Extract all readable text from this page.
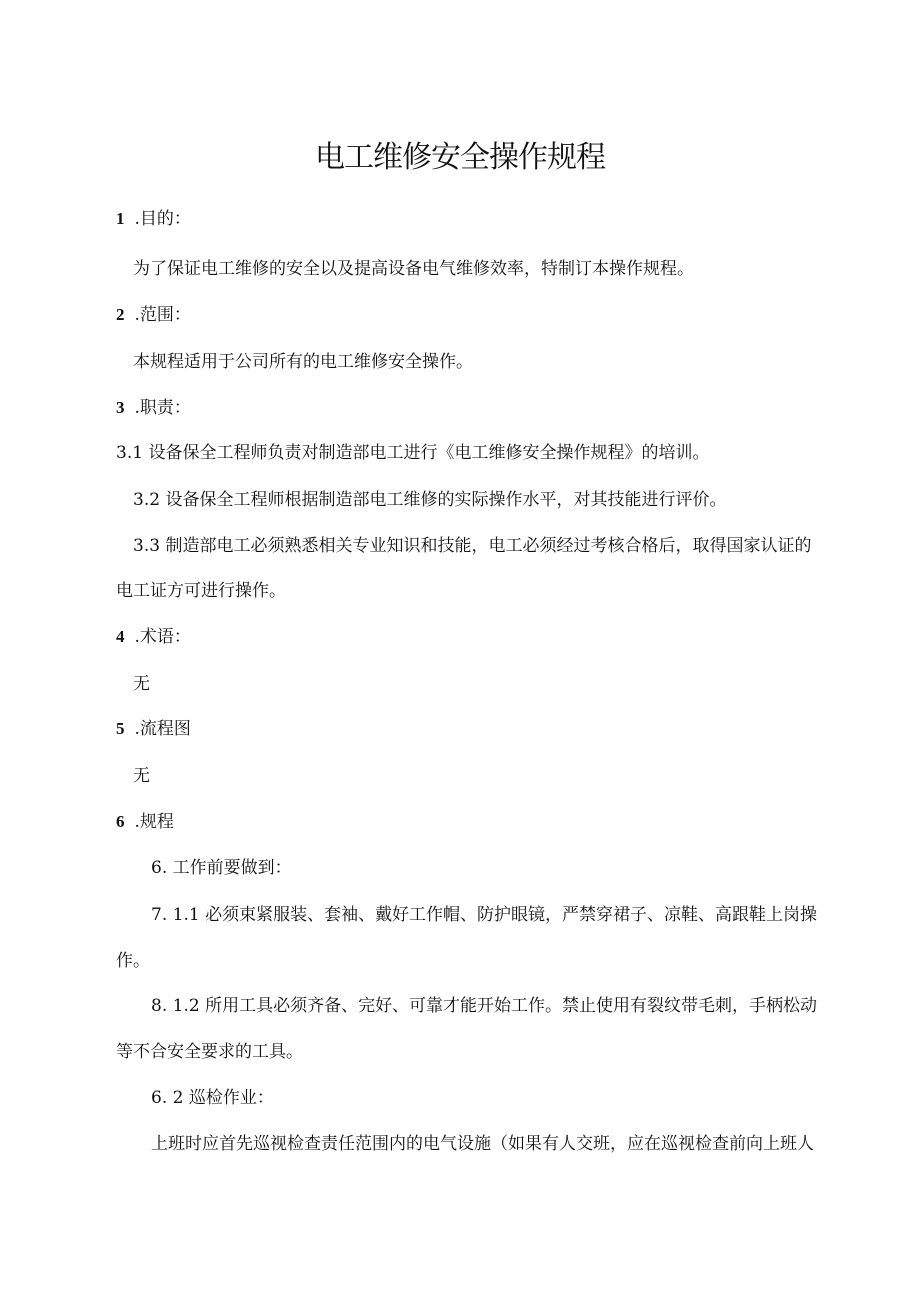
电工维修安全操作规程
1 .目的：
为了保证电工维修的安全以及提高设备电气维修效率，特制订本操作规程。
2 .范围：
本规程适用于公司所有的电工维修安全操作。
3 .职责：
3.1 设备保全工程师负责对制造部电工进行《电工维修安全操作规程》的培训。
3.2 设备保全工程师根据制造部电工维修的实际操作水平，对其技能进行评价。
3.3 制造部电工必须熟悉相关专业知识和技能，电工必须经过考核合格后，取得国家认证的
电工证方可进行操作。
4 .术语：
无
5 .流程图
无
6 .规程
6. 工作前要做到：
7. 1.1 必须束紧服装、套袖、戴好工作帽、防护眼镜，严禁穿裙子、凉鞋、高跟鞋上岗操
作。
8. 1.2 所用工具必须齐备、完好、可靠才能开始工作。禁止使用有裂纹带毛刺，手柄松动
等不合安全要求的工具。
6. 2 巡检作业：
上班时应首先巡视检查责任范围内的电气设施（如果有人交班，应在巡视检查前向上班人
